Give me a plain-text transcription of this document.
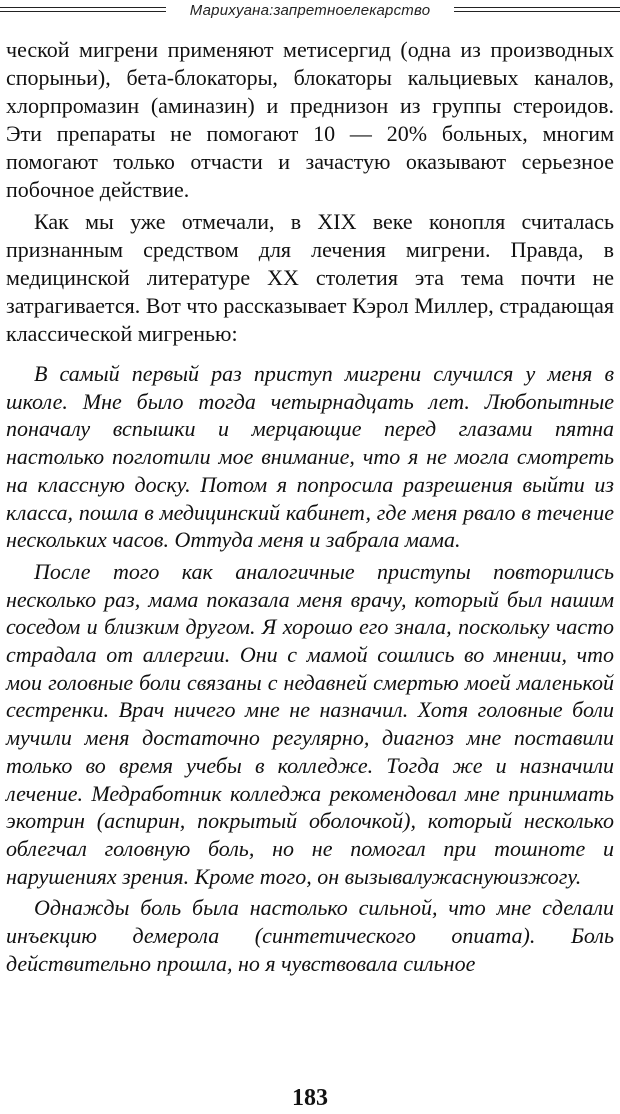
Марихуана:запретноелекарство

ческой мигрени применяют метисергид (одна из производных спорыньи), бета-блокаторы, блокаторы кальциевых каналов, хлорпромазин (аминазин) и преднизон из группы стероидов. Эти препараты не помогают 10 — 20% больных, многим помогают только отчасти и зачастую оказывают серьезное побочное действие.

Как мы уже отмечали, в XIX веке конопля считалась признанным средством для лечения мигрени. Правда, в медицинской литературе XX столетия эта тема почти не затрагивается. Вот что рассказывает Кэрол Миллер, страдающая классической мигренью:

В самый первый раз приступ мигрени случился у меня в школе. Мне было тогда четырнадцать лет. Любопытные поначалу вспышки и мерцающие перед глазами пятна настолько поглотили мое внимание, что я не могла смотреть на классную доску. Потом я попросила разрешения выйти из класса, пошла в медицинский кабинет, где меня рвало в течение нескольких часов. Оттуда меня и забрала мама.

После того как аналогичные приступы повторились несколько раз, мама показала меня врачу, который был нашим соседом и близким другом. Я хорошо его знала, поскольку часто страдала от аллергии. Они с мамой сошлись во мнении, что мои головные боли связаны с недавней смертью моей маленькой сестренки. Врач ничего мне не назначил. Хотя головные боли мучили меня достаточно регулярно, диагноз мне поставили только во время учебы в колледже. Тогда же и назначили лечение. Медработник колледжа рекомендовал мне принимать экотрин (аспирин, покрытый оболочкой), который несколько облегчал головную боль, но не помогал при тошноте и нарушениях зрения. Кроме того, он вызывалужаснуюизжогу.

Однажды боль была настолько сильной, что мне сделали инъекцию демерола (синтетического опиата). Боль действительно прошла, но я чувствовала сильное

183
